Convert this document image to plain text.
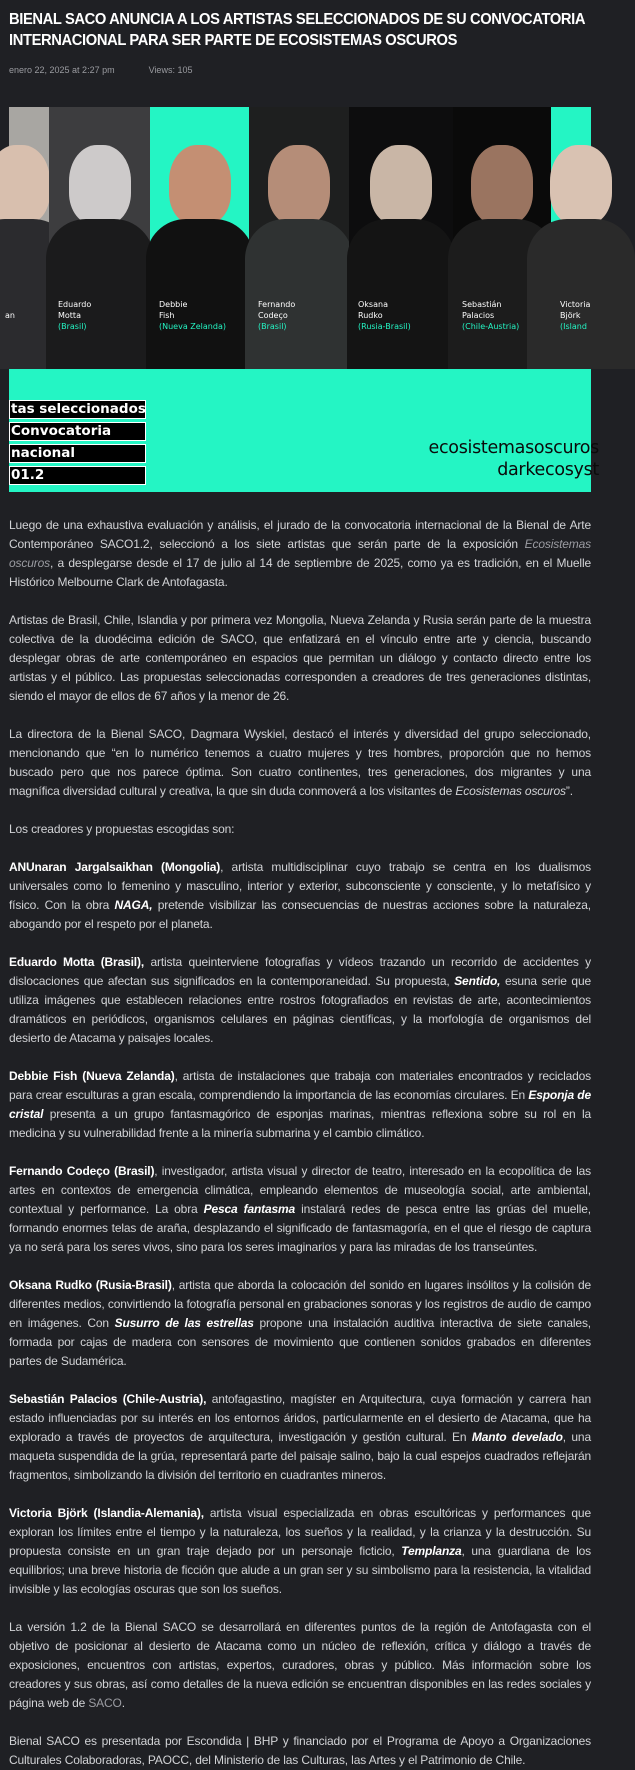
BIENAL SACO ANUNCIA A LOS ARTISTAS SELECCIONADOS DE SU CONVOCATORIA INTERNACIONAL PARA SER PARTE DE ECOSISTEMAS OSCUROS
enero 22, 2025 at 2:27 pm	Views: 105

an
Eduardo
Motta
(Brasil)
Debbie
Fish
(Nueva Zelanda)
Fernando
Codeço
(Brasil)
Oksana
Rudko
(Rusia-Brasil)
Sebastián
Palacios
(Chile-Austria)
Victoria
Björk
(Island
tas seleccionados
Convocatoria
nacional
01.2
ecosistemasoscuros
darkecosyst

Luego de una exhaustiva evaluación y análisis, el jurado de la convocatoria internacional de la Bienal de Arte Contemporáneo SACO1.2, seleccionó a los siete artistas que serán parte de la exposición Ecosistemas oscuros, a desplegarse desde el 17 de julio al 14 de septiembre de 2025, como ya es tradición, en el Muelle Histórico Melbourne Clark de Antofagasta.

Artistas de Brasil, Chile, Islandia y por primera vez Mongolia, Nueva Zelanda y Rusia serán parte de la muestra colectiva de la duodécima edición de SACO, que enfatizará en el vínculo entre arte y ciencia, buscando desplegar obras de arte contemporáneo en espacios que permitan un diálogo y contacto directo entre los artistas y el público. Las propuestas seleccionadas corresponden a creadores de tres generaciones distintas, siendo el mayor de ellos de 67 años y la menor de 26.

La directora de la Bienal SACO, Dagmara Wyskiel, destacó el interés y diversidad del grupo seleccionado, mencionando que “en lo numérico tenemos a cuatro mujeres y tres hombres, proporción que no hemos buscado pero que nos parece óptima. Son cuatro continentes, tres generaciones, dos migrantes y una magnífica diversidad cultural y creativa, la que sin duda conmoverá a los visitantes de Ecosistemas oscuros”.

Los creadores y propuestas escogidas son:

ANUnaran Jargalsaikhan (Mongolia), artista multidisciplinar cuyo trabajo se centra en los dualismos universales como lo femenino y masculino, interior y exterior, subconsciente y consciente, y lo metafísico y físico. Con la obra NAGA, pretende visibilizar las consecuencias de nuestras acciones sobre la naturaleza, abogando por el respeto por el planeta.

Eduardo Motta (Brasil), artista queinterviene fotografías y vídeos trazando un recorrido de accidentes y dislocaciones que afectan sus significados en la contemporaneidad. Su propuesta, Sentido, esuna serie que utiliza imágenes que establecen relaciones entre rostros fotografiados en revistas de arte, acontecimientos dramáticos en periódicos, organismos celulares en páginas científicas, y la morfología de organismos del desierto de Atacama y paisajes locales.

Debbie Fish (Nueva Zelanda), artista de instalaciones que trabaja con materiales encontrados y reciclados para crear esculturas a gran escala, comprendiendo la importancia de las economías circulares. En Esponja de cristal presenta a un grupo fantasmagórico de esponjas marinas, mientras reflexiona sobre su rol en la medicina y su vulnerabilidad frente a la minería submarina y el cambio climático.

Fernando Codeço (Brasil), investigador, artista visual y director de teatro, interesado en la ecopolítica de las artes en contextos de emergencia climática, empleando elementos de museología social, arte ambiental, contextual y performance. La obra Pesca fantasma instalará redes de pesca entre las grúas del muelle, formando enormes telas de araña, desplazando el significado de fantasmagoría, en el que el riesgo de captura ya no será para los seres vivos, sino para los seres imaginarios y para las miradas de los transeúntes.

Oksana Rudko (Rusia-Brasil), artista que aborda la colocación del sonido en lugares insólitos y la colisión de diferentes medios, convirtiendo la fotografía personal en grabaciones sonoras y los registros de audio de campo en imágenes. Con Susurro de las estrellas propone una instalación auditiva interactiva de siete canales, formada por cajas de madera con sensores de movimiento que contienen sonidos grabados en diferentes partes de Sudamérica.

Sebastián Palacios (Chile-Austria), antofagastino, magíster en Arquitectura, cuya formación y carrera han estado influenciadas por su interés en los entornos áridos, particularmente en el desierto de Atacama, que ha explorado a través de proyectos de arquitectura, investigación y gestión cultural. En Manto develado, una maqueta suspendida de la grúa, representará parte del paisaje salino, bajo la cual espejos cuadrados reflejarán fragmentos, simbolizando la división del territorio en cuadrantes mineros.

Victoria Björk (Islandia-Alemania), artista visual especializada en obras escultóricas y performances que exploran los límites entre el tiempo y la naturaleza, los sueños y la realidad, y la crianza y la destrucción. Su propuesta consiste en un gran traje dejado por un personaje ficticio, Templanza, una guardiana de los equilibrios; una breve historia de ficción que alude a un gran ser y su simbolismo para la resistencia, la vitalidad invisible y las ecologías oscuras que son los sueños.

La versión 1.2 de la Bienal SACO se desarrollará en diferentes puntos de la región de Antofagasta con el objetivo de posicionar al desierto de Atacama como un núcleo de reflexión, crítica y diálogo a través de exposiciones, encuentros con artistas, expertos, curadores, obras y público. Más información sobre los creadores y sus obras, así como detalles de la nueva edición se encuentran disponibles en las redes sociales y página web de SACO.

Bienal SACO es presentada por Escondida | BHP y financiado por el Programa de Apoyo a Organizaciones Culturales Colaboradoras, PAOCC, del Ministerio de las Culturas, las Artes y el Patrimonio de Chile.
